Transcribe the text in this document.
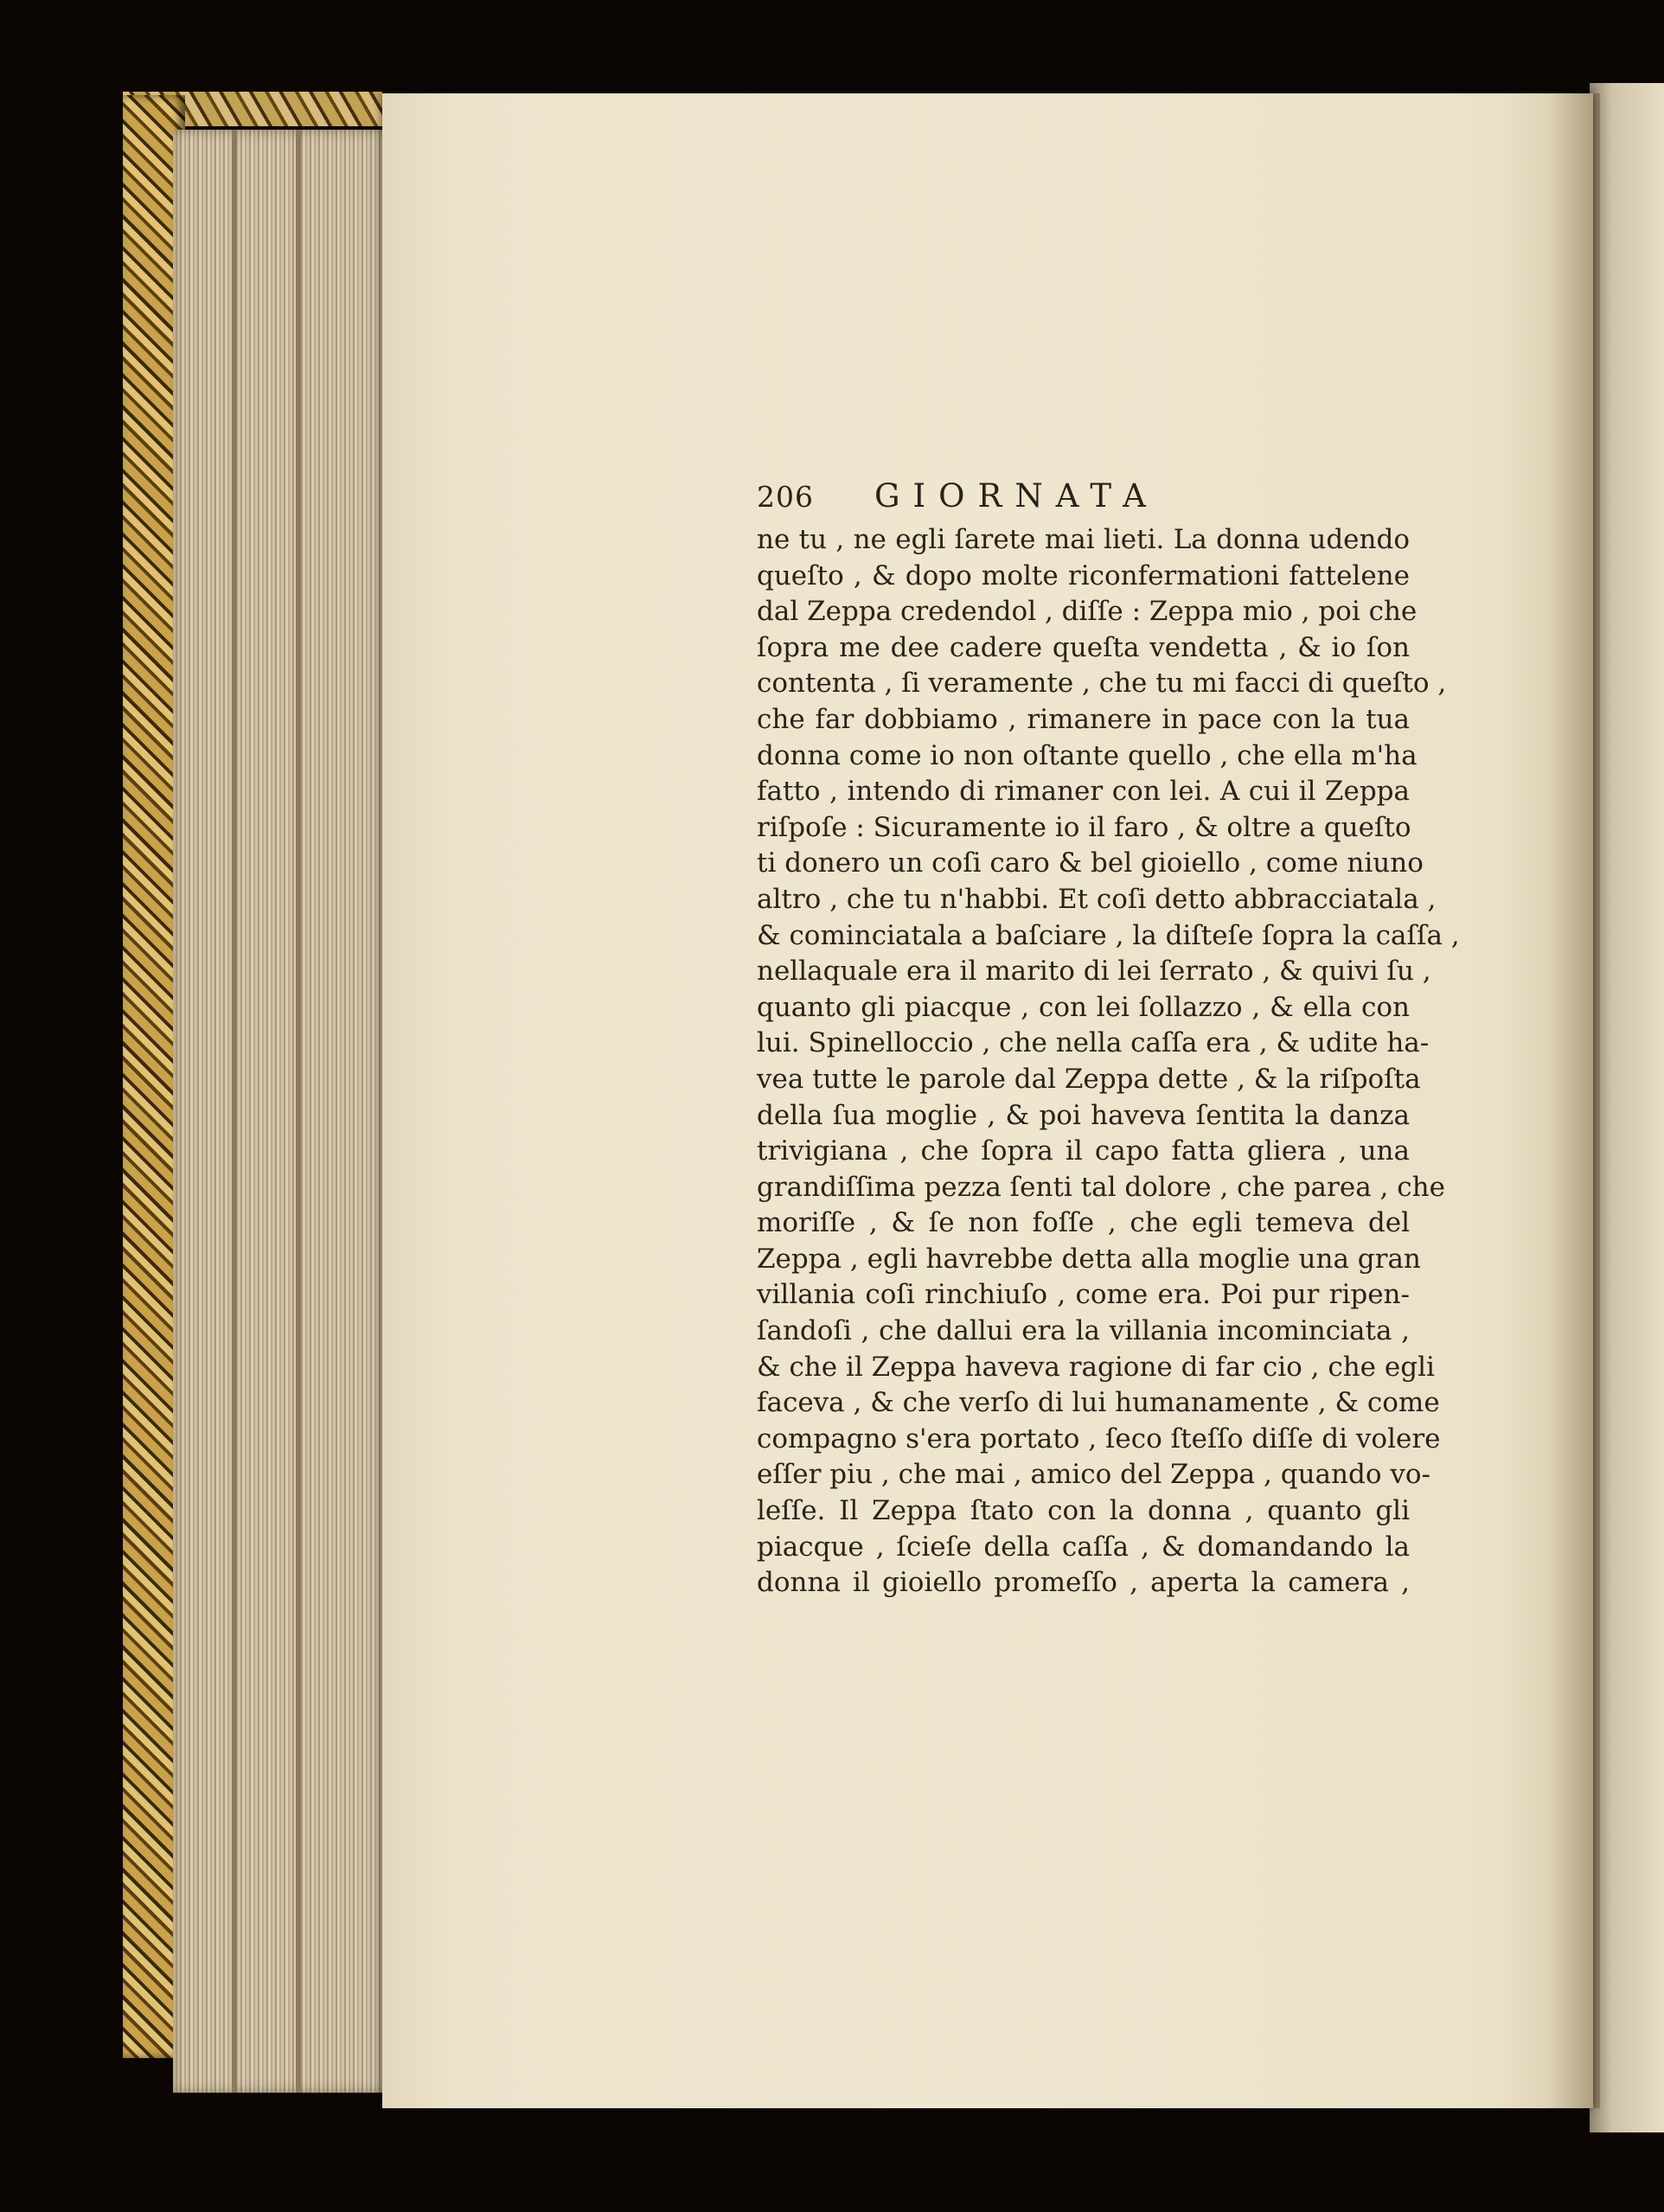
206	GIORNATA
ne tu , ne egli ſarete mai lieti. La donna udendo
queſto , & dopo molte riconfermationi fattelene
dal Zeppa credendol , diſſe : Zeppa mio , poi che
ſopra me dee cadere queſta vendetta , & io ſon
contenta , ſi veramente , che tu mi facci di queſto ,
che far dobbiamo , rimanere in pace con la tua
donna come io non oſtante quello , che ella m'ha
fatto , intendo di rimaner con lei. A cui il Zeppa
riſpoſe : Sicuramente io il faro , & oltre a queſto
ti donero un coſi caro & bel gioiello , come niuno
altro , che tu n'habbi. Et coſi detto abbracciatala ,
& cominciatala a baſciare , la diſteſe ſopra la caſſa ,
nellaquale era il marito di lei ſerrato , & quivi ſu ,
quanto gli piacque , con lei ſollazzo , & ella con
lui. Spinelloccio , che nella caſſa era , & udite ha-
vea tutte le parole dal Zeppa dette , & la riſpoſta
della ſua moglie , & poi haveva ſentita la danza
trivigiana , che ſopra il capo fatta gliera , una
grandiſſima pezza ſenti tal dolore , che parea , che
moriſſe , & ſe non foſſe , che egli temeva del
Zeppa , egli havrebbe detta alla moglie una gran
villania coſi rinchiuſo , come era. Poi pur ripen-
ſandoſi , che dallui era la villania incominciata ,
& che il Zeppa haveva ragione di far cio , che egli
faceva , & che verſo di lui humanamente , & come
compagno s'era portato , ſeco ſteſſo diſſe di volere
eſſer piu , che mai , amico del Zeppa , quando vo-
leſſe. Il Zeppa ſtato con la donna , quanto gli
piacque , ſcieſe della caſſa , & domandando la
donna il gioiello promeſſo , aperta la camera ,
